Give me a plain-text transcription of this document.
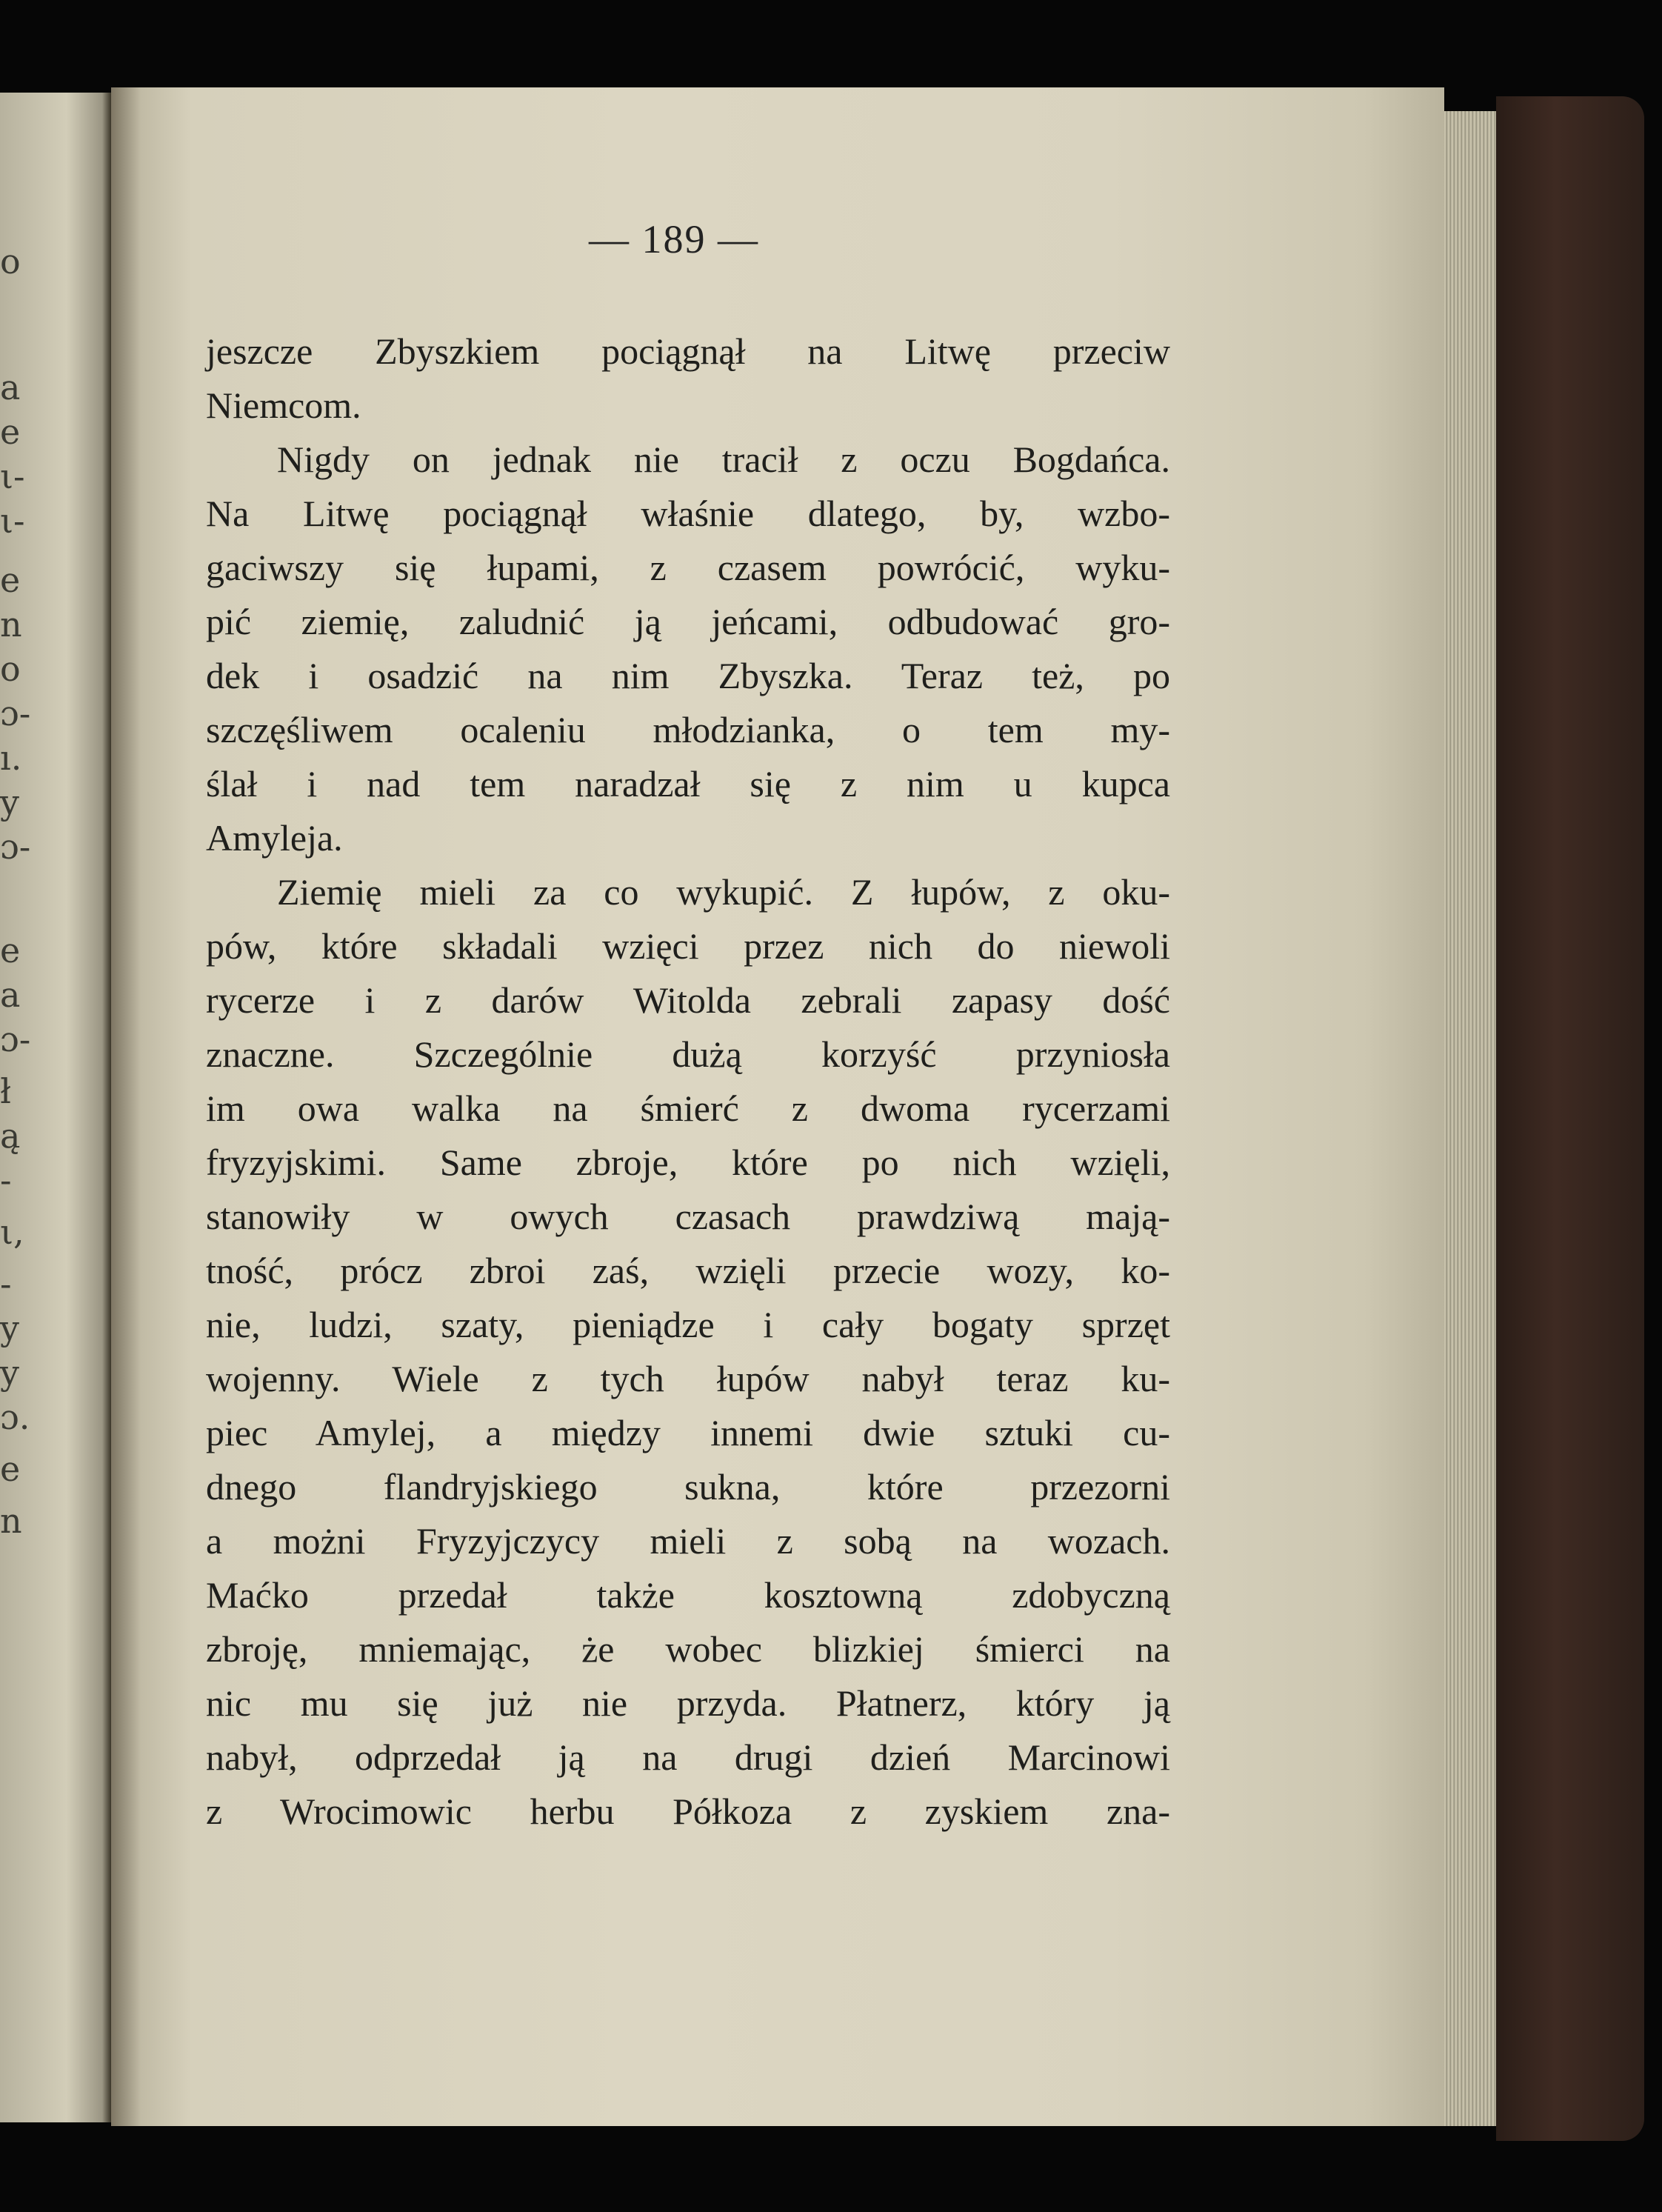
o
a
e
ι-
ι-
e
n
o
ɔ-
ı.
y
ɔ-
e
a
ɔ-
ł
ą
-
ι,
-
y
y
ɔ.
e
n
— 189 —
jeszcze Zbyszkiem pociągnął na Litwę przeciw
Niemcom.
Nigdy on jednak nie tracił z oczu Bogdańca.
Na Litwę pociągnął właśnie dlatego, by, wzbo-
gaciwszy się łupami, z czasem powrócić, wyku-
pić ziemię, zaludnić ją jeńcami, odbudować gro-
dek i osadzić na nim Zbyszka. Teraz też, po
szczęśliwem ocaleniu młodzianka, o tem my-
ślał i nad tem naradzał się z nim u kupca
Amyleja.
Ziemię mieli za co wykupić. Z łupów, z oku-
pów, które składali wzięci przez nich do niewoli
rycerze i z darów Witolda zebrali zapasy dość
znaczne. Szczególnie dużą korzyść przyniosła
im owa walka na śmierć z dwoma rycerzami
fryzyjskimi. Same zbroje, które po nich wzięli,
stanowiły w owych czasach prawdziwą mają-
tność, prócz zbroi zaś, wzięli przecie wozy, ko-
nie, ludzi, szaty, pieniądze i cały bogaty sprzęt
wojenny. Wiele z tych łupów nabył teraz ku-
piec Amylej, a między innemi dwie sztuki cu-
dnego flandryjskiego sukna, które przezorni
a możni Fryzyjczycy mieli z sobą na wozach.
Maćko przedał także kosztowną zdobyczną
zbroję, mniemając, że wobec blizkiej śmierci na
nic mu się już nie przyda. Płatnerz, który ją
nabył, odprzedał ją na drugi dzień Marcinowi
z Wrocimowic herbu Półkoza z zyskiem zna-
